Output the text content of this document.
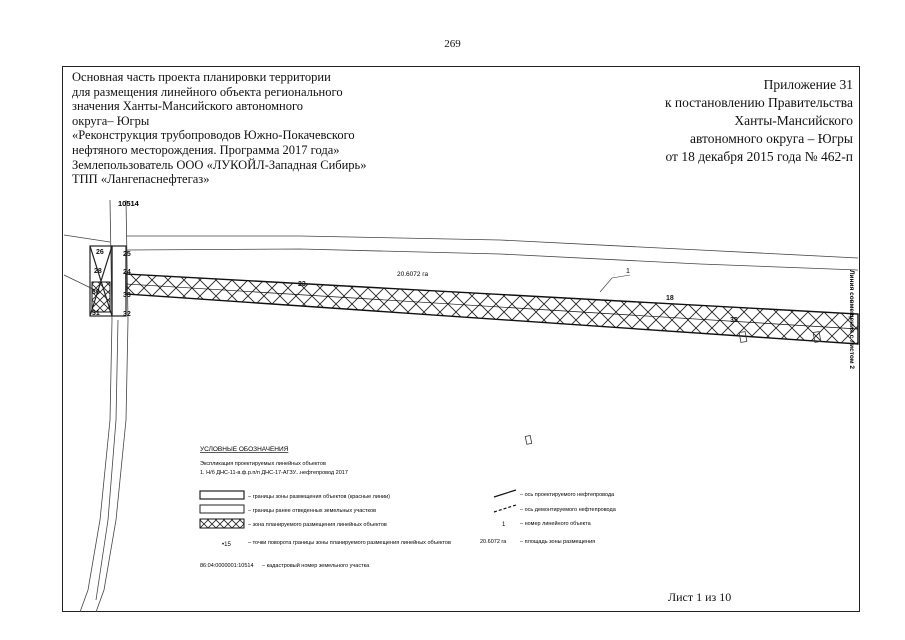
269
Основная часть проекта планировки территории
для размещения линейного объекта регионального
значения Ханты-Мансийского автономного
округа– Югры
«Реконструкция трубопроводов Южно-Покачевского
нефтяного месторождения. Программа 2017 года»
Землепользователь ООО «ЛУКОЙЛ-Западная Сибирь»
ТПП «Лангепаснефтегаз»
Приложение 31
к постановлению Правительства
Ханты-Мансийского
автономного округа – Югры
от 18 декабря 2015 года № 462-п
26	25
28	24
30	33
31	32
23
18
35
10514
20.6072 га	1	Линия совмещения с листом 2
УСЛОВНЫЕ ОБОЗНАЧЕНИЯ
Экспликация проектируемых линейных объектов
1. Н/б ДНС-11-в.ф.р.п/п ДНС-17-АГЗУ...нефтепровод 2017
– границы зоны размещения объектов (красные линии)
– границы ранее отведенных земельных участков
– зона планируемого размещения линейных объектов
•15	– точки поворота границы зоны планируемого размещения линейных объектов
86:04:0000001:10514 – кадастровый номер земельного участка
– ось проектируемого нефтепровода
– ось демонтируемого нефтепровода
1	– номер линейного объекта
20.6072 га – площадь зоны размещения
Лист 1 из 10
